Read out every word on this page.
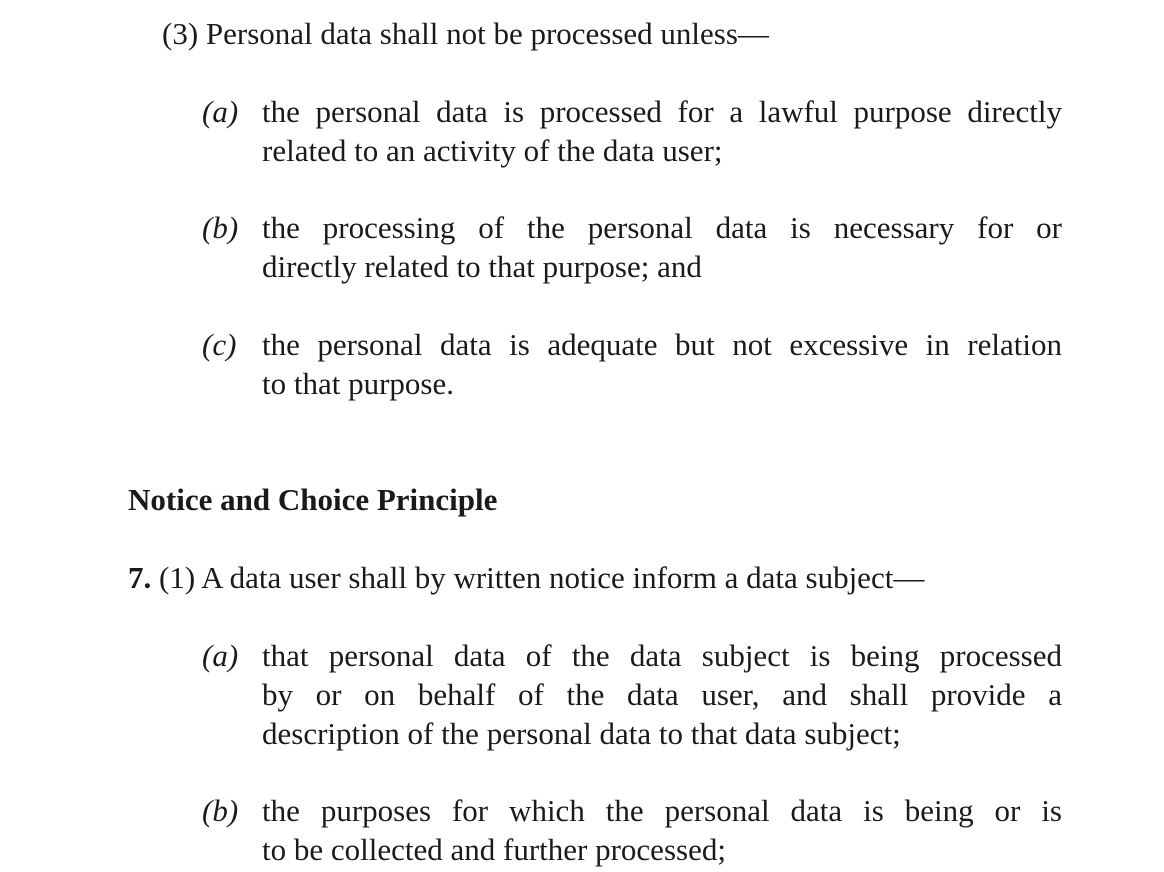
(3) Personal data shall not be processed unless—
(a) the personal data is processed for a lawful purpose directly
related to an activity of the data user;
(b) the processing of the personal data is necessary for or
directly related to that purpose; and
(c) the personal data is adequate but not excessive in relation
to that purpose.
Notice and Choice Principle
7. (1) A data user shall by written notice inform a data subject—
(a) that personal data of the data subject is being processed
by or on behalf of the data user, and shall provide a
description of the personal data to that data subject;
(b) the purposes for which the personal data is being or is
to be collected and further processed;
